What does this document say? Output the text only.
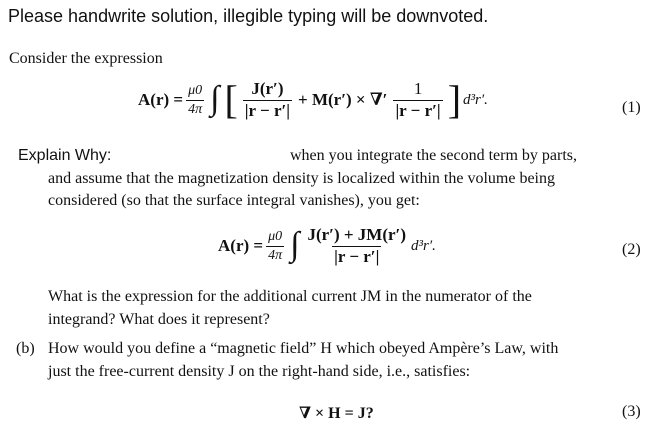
Please handwrite solution, illegible typing will be downvoted.
Consider the expression
$A(r) = \frac{\mu 0}{4\pi}$ ∫ [ $\frac{J(r')}{|r - r'|} + M(r')$ × ∇′ $\frac{1}{|r - r'|}$ ] d³r′.	(1)
Explain Why:	when you integrate the second term by parts,
and assume that the magnetization density is localized within the volume being
considered (so that the surface integral vanishes), you get:
$A(r) = \frac{\mu 0}{4\pi}$ ∫ $\frac{J(r') + JM(r')}{|r - r'|} d^3r'$.	(2)
What is the expression for the additional current JM in the numerator of the
integrand? What does it represent?
(b) How would you define a “magnetic field” H which obeyed Ampère’s Law, with
just the free-current density J on the right-hand side, i.e., satisfies:
∇ × H = J?	(3)
